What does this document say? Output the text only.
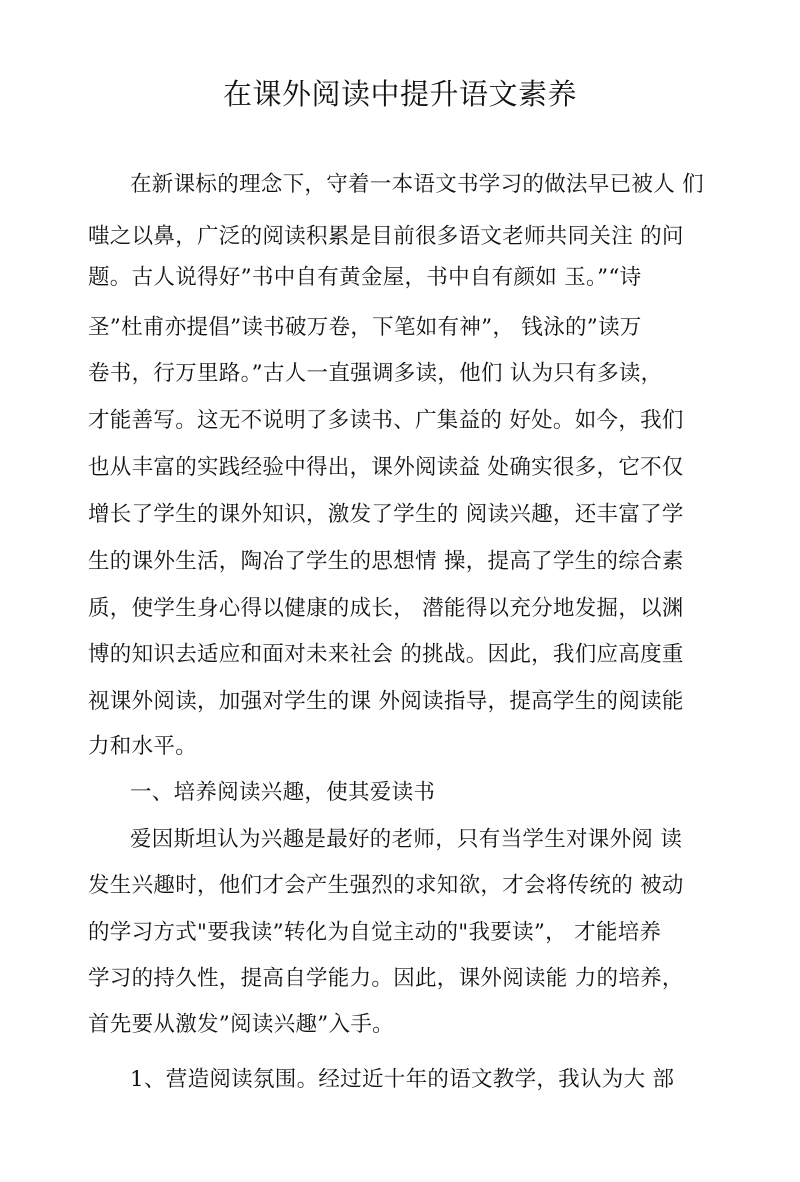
在课外阅读中提升语文素养

在新课标的理念下，守着一本语文书学习的做法早已被人 们

嗤之以鼻，广泛的阅读积累是目前很多语文老师共同关注 的问

题。古人说得好”书中自有黄金屋，书中自有颜如 玉。”“诗

圣”杜甫亦提倡”读书破万卷，下笔如有神”， 钱泳的”读万

卷书，行万里路。”古人一直强调多读，他们 认为只有多读，

才能善写。这无不说明了多读书、广集益的 好处。如今，我们

也从丰富的实践经验中得出，课外阅读益 处确实很多，它不仅

增长了学生的课外知识，激发了学生的 阅读兴趣，还丰富了学

生的课外生活，陶冶了学生的思想情 操，提高了学生的综合素

质，使学生身心得以健康的成长， 潜能得以充分地发掘，以渊

博的知识去适应和面对未来社会 的挑战。因此，我们应高度重

视课外阅读，加强对学生的课 外阅读指导，提高学生的阅读能

力和水平。

一、培养阅读兴趣，使其爱读书

爱因斯坦认为兴趣是最好的老师，只有当学生对课外阅 读

发生兴趣时，他们才会产生强烈的求知欲，才会将传统的 被动

的学习方式"要我读”转化为自觉主动的"我要读”， 才能培养

学习的持久性，提高自学能力。因此，课外阅读能 力的培养，

首先要从激发”阅读兴趣”入手。

1、营造阅读氛围。经过近十年的语文教学，我认为大 部
